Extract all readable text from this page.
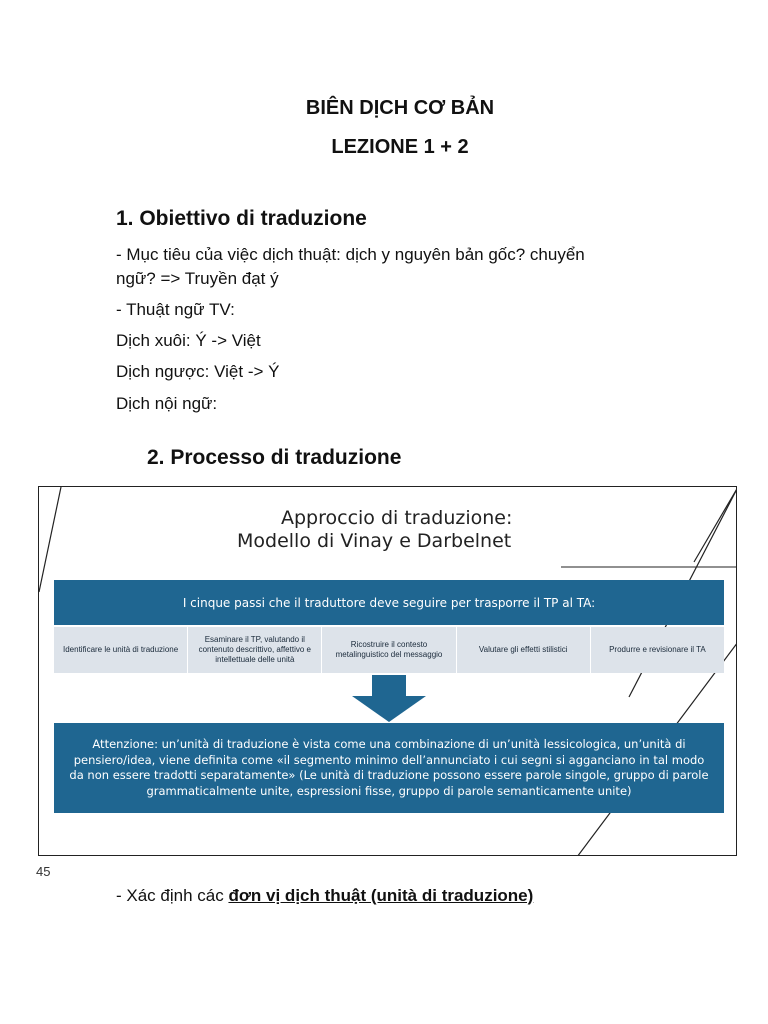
BIÊN DỊCH CƠ BẢN
LEZIONE 1 + 2
1. Obiettivo di traduzione
- Mục tiêu của việc dịch thuật: dịch y nguyên bản gốc? chuyển
ngữ? => Truyền đạt ý
- Thuật ngữ TV:
Dịch xuôi: Ý -> Việt
Dịch ngược: Việt -> Ý
Dịch nội ngữ:
2. Processo di traduzione
Approccio di traduzione:
Modello di Vinay e Darbelnet
I cinque passi che il traduttore deve seguire per trasporre il TP al TA:
Identificare le unità di traduzione
Esaminare il TP, valutando il contenuto descrittivo, affettivo e intellettuale delle unità
Ricostruire il contesto metalinguistico del messaggio
Valutare gli effetti stilistici	Produrre e revisionare il TA
Attenzione: un’unità di traduzione è vista come una combinazione di un’unità lessicologica, un’unità di pensiero/idea, viene definita come «il segmento minimo dell’annunciato i cui segni si agganciano in tal modo da non essere tradotti separatamente» (Le unità di traduzione possono essere parole singole, gruppo di parole grammaticalmente unite, espressioni fisse, gruppo di parole semanticamente unite)
45
- Xác định các đơn vị dịch thuật (unità di traduzione)
